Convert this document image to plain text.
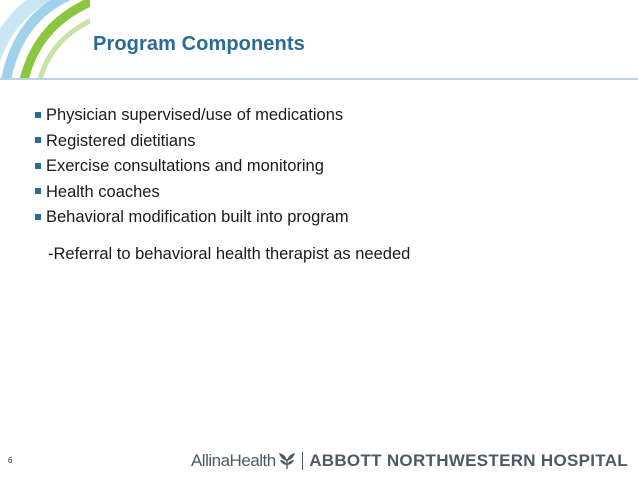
Program Components
Physician supervised/use of medications
Registered dietitians
Exercise consultations and monitoring
Health coaches
Behavioral modification built into program
-Referral to behavioral health therapist as needed
6	AllinaHealth ABBOTT NORTHWESTERN HOSPITAL
